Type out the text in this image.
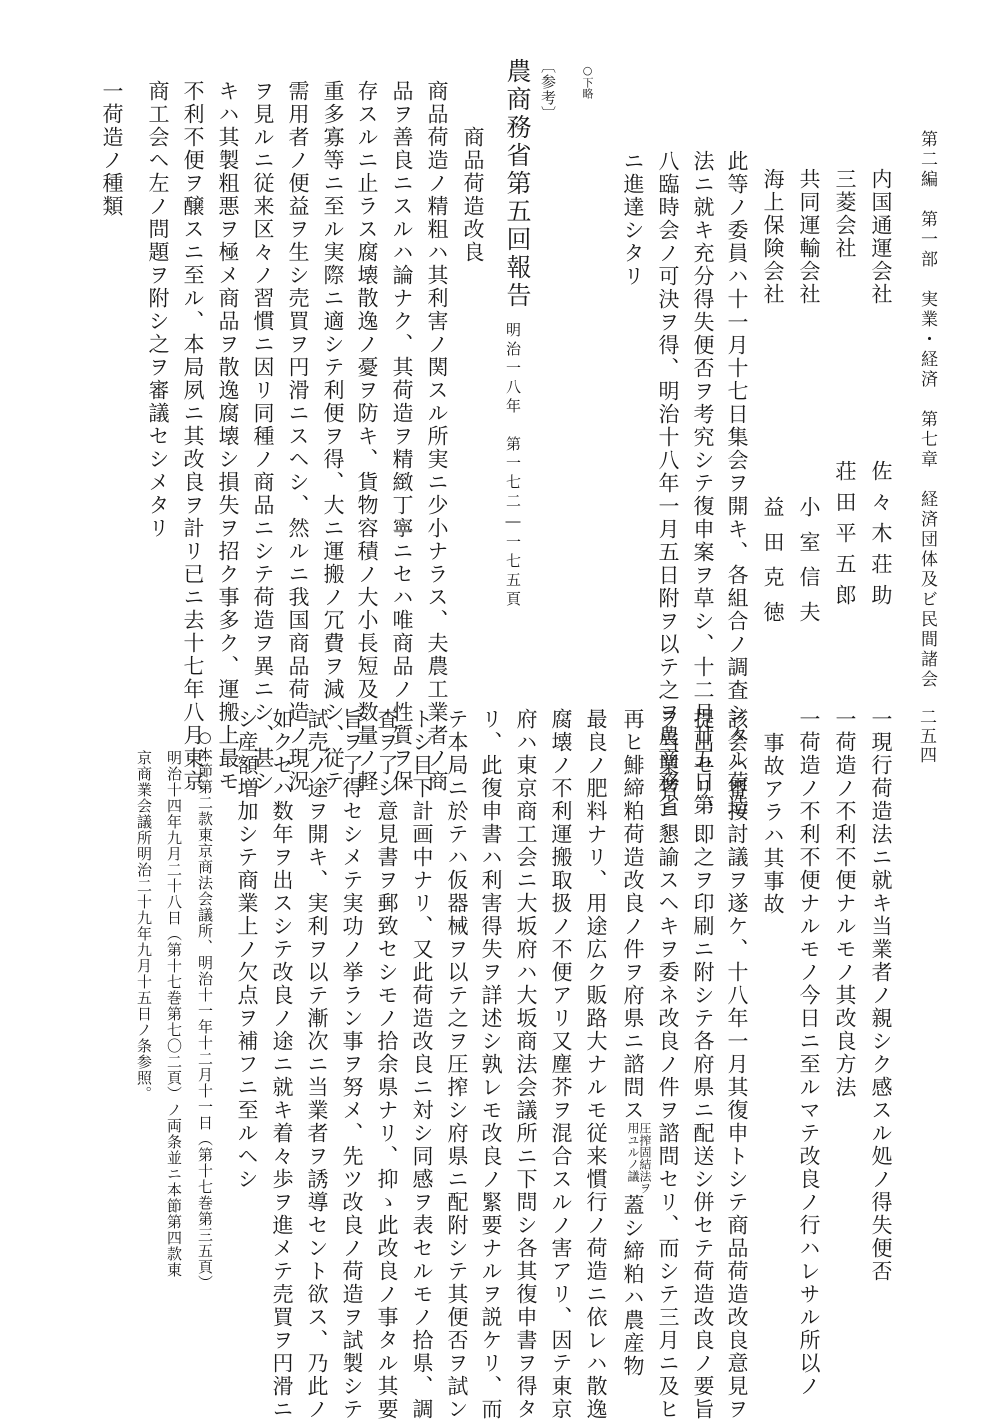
第二編　第一部　実業・経済　第七章　経済団体及ビ民間諸会
二五四
内国通運会社
佐々木荘助
三菱会社
荘田平五郎
共同運輸会社
小室信夫
海上保険会社
益田克徳
此等ノ委員ハ十一月十七日集会ヲ開キ、各組合ノ調査シタル荷造
法ニ就キ充分得失便否ヲ考究シテ復申案ヲ草シ、十二月廿五日第
八臨時会ノ可決ヲ得、明治十八年一月五日附ヲ以テ之ヲ農商務省
ニ進達シタリ
○下略
〔参考〕
農商務省第五回報告
明治一八年　第一七二―一七五頁
商品荷造改良
商品荷造ノ精粗ハ其利害ノ関スル所実ニ少小ナラス、夫農工業者ノ商
品ヲ善良ニスルハ論ナク、其荷造ヲ精緻丁寧ニセハ唯商品ノ性質ヲ保
存スルニ止ラス腐壊散逸ノ憂ヲ防キ、貨物容積ノ大小長短及数量ノ軽
重多寡等ニ至ル実際ニ適シテ利便ヲ得、大ニ運搬ノ冗費ヲ減シ、従テ
需用者ノ便益ヲ生シ売買ヲ円滑ニスヘシ、然ルニ我国商品荷造ノ現況
ヲ見ルニ従来区々ノ習慣ニ因リ同種ノ商品ニシテ荷造ヲ異ニシ、甚シ
キハ其製粗悪ヲ極メ商品ヲ散逸腐壊シ損失ヲ招ク事多ク、運搬上最モ
不利不便ヲ醸スニ至ル、本局夙ニ其改良ヲ計リ已ニ去十七年八月東京
商工会ヘ左ノ問題ヲ附シ之ヲ審議セシメタリ
一荷造ノ種類
一現行荷造法ニ就キ当業者ノ親シク感スル処ノ得失便否
一荷造ノ不利不便ナルモノ其改良方法
一荷造ノ不利不便ナルモノ今日ニ至ルマテ改良ノ行ハレサル所以ノ
事故アラハ其事故
該会ハ審按討議ヲ遂ケ、十八年一月其復申トシテ商品荷造改良意見ヲ
提出セリ、即之ヲ印刷ニ附シテ各府県ニ配送シ併セテ荷造改良ノ要旨
ヲ当業者ニ懇諭スヘキヲ委ネ改良ノ件ヲ諮問セリ、而シテ三月ニ及ヒ
再ヒ鯡締粕荷造改良ノ件ヲ府県ニ諮問ス圧搾固結法ヲ
用ユルノ議蓋シ締粕ハ農産物
最良ノ肥料ナリ、用途広ク販路大ナルモ従来慣行ノ荷造ニ依レハ散逸
腐壊ノ不利運搬取扱ノ不便アリ又塵芥ヲ混合スルノ害アリ、因テ東京
府ハ東京商工会ニ大坂府ハ大坂商法会議所ニ下問シ各其復申書ヲ得タ
リ、此復申書ハ利害得失ヲ詳述シ孰レモ改良ノ緊要ナルヲ説ケリ、而
テ本局ニ於テハ仮器械ヲ以テ之ヲ圧搾シ府県ニ配附シテ其便否ヲ試ン
トシ目下計画中ナリ、又此荷造改良ニ対シ同感ヲ表セルモノ拾県、調
査ヲ了シ意見書ヲ郵致セシモノ拾余県ナリ、抑ゝ此改良ノ事タル其要
旨ヲ了得セシメテ実功ノ挙ラン事ヲ努メ、先ツ改良ノ荷造ヲ試製シテ
試売ノ途ヲ開キ、実利ヲ以テ漸次ニ当業者ヲ誘導セント欲ス、乃此ノ
如クセハ数年ヲ出スシテ改良ノ途ニ就キ着々歩ヲ進メテ売買ヲ円滑ニ
シ産額増加シテ商業上ノ欠点ヲ補フニ至ルヘシ
○本節第二款東京商法会議所、明治十一年十二月十一日（第十七巻第三五頁）
明治十四年九月二十八日（第十七巻第七〇二頁）ノ両条並ニ本節第四款東
京商業会議所明治二十九年九月十五日ノ条参照。
